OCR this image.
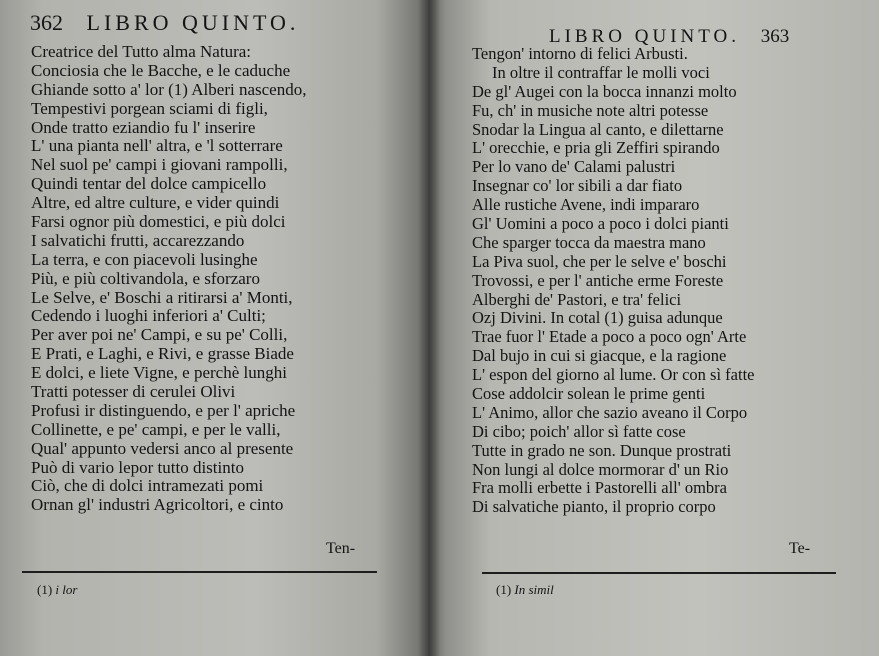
362 LIBRO QUINTO.
Creatrice del Tutto alma Natura:
Conciosia che le Bacche, e le caduche
Ghiande sotto a' lor (1) Alberi nascendo,
Tempestivi porgean sciami di figli,
Onde tratto eziandio fu l' inserire
L' una pianta nell' altra, e 'l sotterrare
Nel suol pe' campi i giovani rampolli,
Quindi tentar del dolce campicello
Altre, ed altre culture, e vider quindi
Farsi ognor più domestici, e più dolci
I salvatichi frutti, accarezzando
La terra, e con piacevoli lusinghe
Più, e più coltivandola, e sforzaro
Le Selve, e' Boschi a ritirarsi a' Monti,
Cedendo i luoghi inferiori a' Culti;
Per aver poi ne' Campi, e su pe' Colli,
E Prati, e Laghi, e Rivi, e grasse Biade
E dolci, e liete Vigne, e perchè lunghi
Tratti potesser di cerulei Olivi
Profusi ir distinguendo, e per l' apriche
Collinette, e pe' campi, e per le valli,
Qual' appunto vedersi anco al presente
Può di vario lepor tutto distinto
Ciò, che di dolci intramezati pomi
Ornan gl' industri Agricoltori, e cinto
Ten-
(1) i lor
LIBRO QUINTO. 363
Tengon' intorno di felici Arbusti.
In oltre il contraffar le molli voci
De gl' Augei con la bocca innanzi molto
Fu, ch' in musiche note altri potesse
Snodar la Lingua al canto, e dilettarne
L' orecchie, e pria gli Zeffiri spirando
Per lo vano de' Calami palustri
Insegnar co' lor sibili a dar fiato
Alle rustiche Avene, indi impararo
Gl' Uomini a poco a poco i dolci pianti
Che sparger tocca da maestra mano
La Piva suol, che per le selve e' boschi
Trovossi, e per l' antiche erme Foreste
Alberghi de' Pastori, e tra' felici
Ozj Divini. In cotal (1) guisa adunque
Trae fuor l' Etade a poco a poco ogn' Arte
Dal bujo in cui si giacque, e la ragione
L' espon del giorno al lume. Or con sì fatte
Cose addolcir solean le prime genti
L' Animo, allor che sazio aveano il Corpo
Di cibo; poich' allor sì fatte cose
Tutte in grado ne son. Dunque prostrati
Non lungi al dolce mormorar d' un Rio
Fra molli erbette i Pastorelli all' ombra
Di salvatiche pianto, il proprio corpo
Te-
(1) In simil
